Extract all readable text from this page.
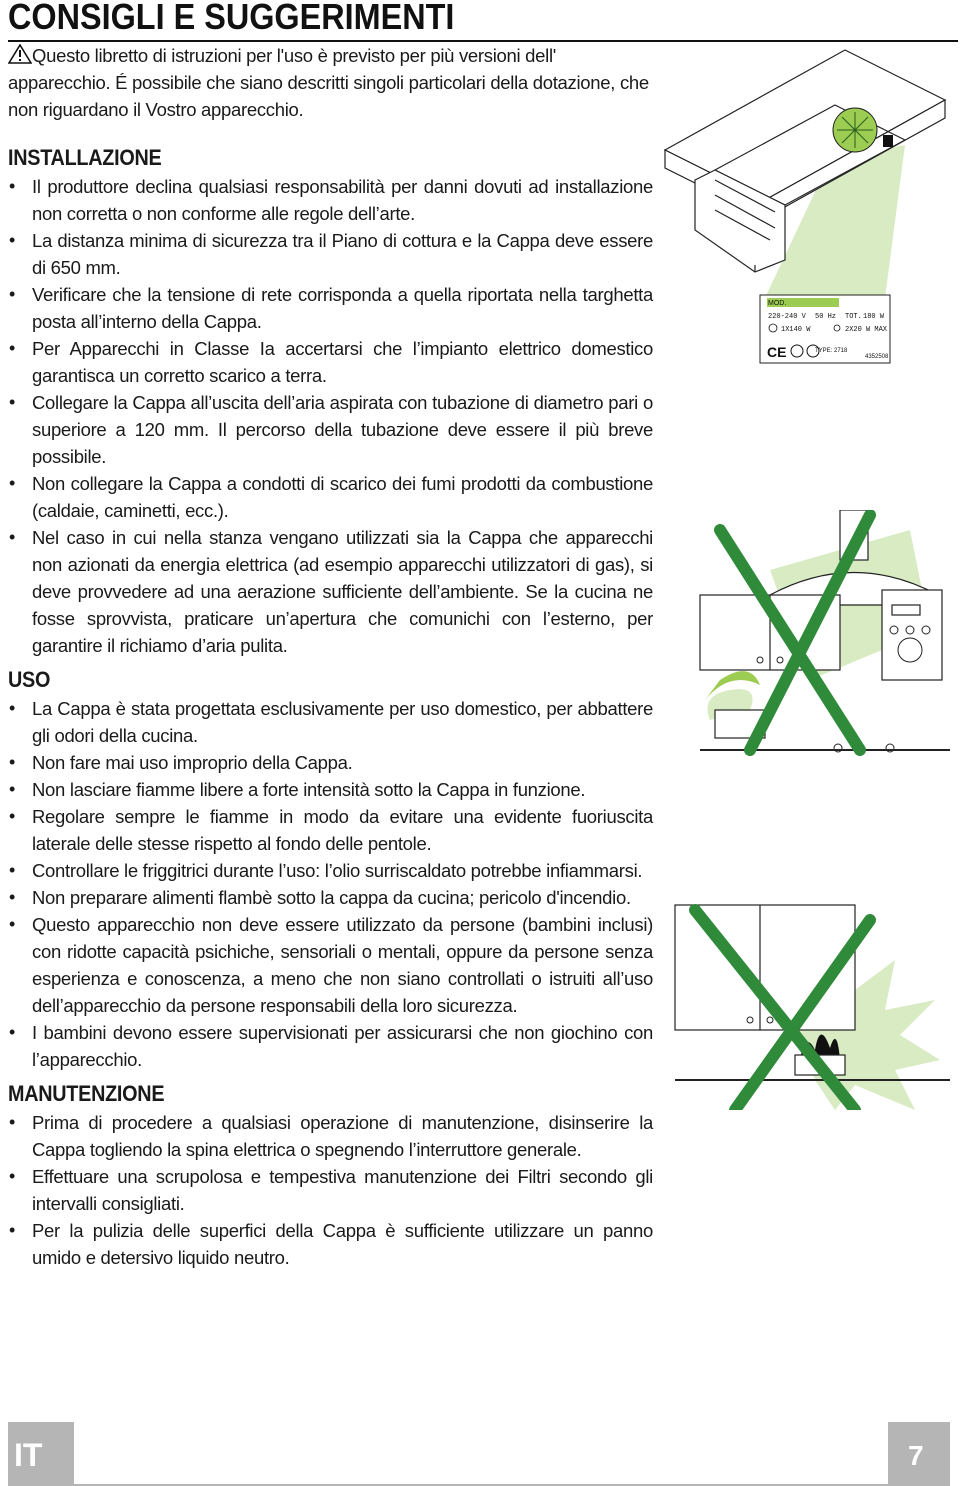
CONSIGLI E SUGGERIMENTI
Questo libretto di istruzioni per l'uso è previsto per più versioni dell' apparecchio. É possibile che siano descritti singoli particolari della dotazione, che non riguardano il Vostro apparecchio.
INSTALLAZIONE
• Il produttore declina qualsiasi responsabilità per danni dovuti ad installazione non corretta o non conforme alle regole dell’arte.
• La distanza minima di sicurezza tra il Piano di cottura e la Cappa deve essere di 650 mm.
• Verificare che la tensione di rete corrisponda a quella riportata nella targhetta posta all’interno della Cappa.
• Per Apparecchi in Classe Ia accertarsi che l’impianto elettrico domestico garantisca un corretto scarico a terra.
• Collegare la Cappa all’uscita dell’aria aspirata con tubazione di diametro pari o superiore a 120 mm. Il percorso della tubazione deve essere il più breve possibile.
• Non collegare la Cappa a condotti di scarico dei fumi prodotti da combustione (caldaie, caminetti, ecc.).
• Nel caso in cui nella stanza vengano utilizzati sia la Cappa che apparecchi non azionati da energia elettrica (ad esempio apparecchi utilizzatori di gas), si deve provvedere ad una aerazione sufficiente dell’ambiente. Se la cucina ne fosse sprovvista, praticare un’apertura che comunichi con l’esterno, per garantire il richiamo d’aria pulita.
USO
• La Cappa è stata progettata esclusivamente per uso domestico, per abbattere gli odori della cucina.
• Non fare mai uso improprio della Cappa.
• Non lasciare fiamme libere a forte intensità sotto la Cappa in funzione.
• Regolare sempre le fiamme in modo da evitare una evidente fuoriuscita laterale delle stesse rispetto al fondo delle pentole.
• Controllare le friggitrici durante l’uso: l’olio surriscaldato potrebbe infiammarsi.
• Non preparare alimenti flambè sotto la cappa da cucina; pericolo d'incendio.
• Questo apparecchio non deve essere utilizzato da persone (bambini inclusi) con ridotte capacità psichiche, sensoriali o mentali, oppure da persone senza esperienza e conoscenza, a meno che non siano controllati o istruiti all’uso dell’apparecchio da persone responsabili della loro sicurezza.
• I bambini devono essere supervisionati per assicurarsi che non giochino con l’apparecchio.
MANUTENZIONE
• Prima di procedere a qualsiasi operazione di manutenzione, disinserire la Cappa togliendo la spina elettrica o spegnendo l’interruttore generale.
• Effettuare una scrupolosa e tempestiva manutenzione dei Filtri secondo gli intervalli consigliati.
• Per la pulizia delle superfici della Cappa è sufficiente utilizzare un panno umido e detersivo liquido neutro.
MOD.
220-240 V 50 Hz TOT. 180 W
1X140 W	2X20 W MAX
CE	TYPE: 2718
4352508
IT	7
